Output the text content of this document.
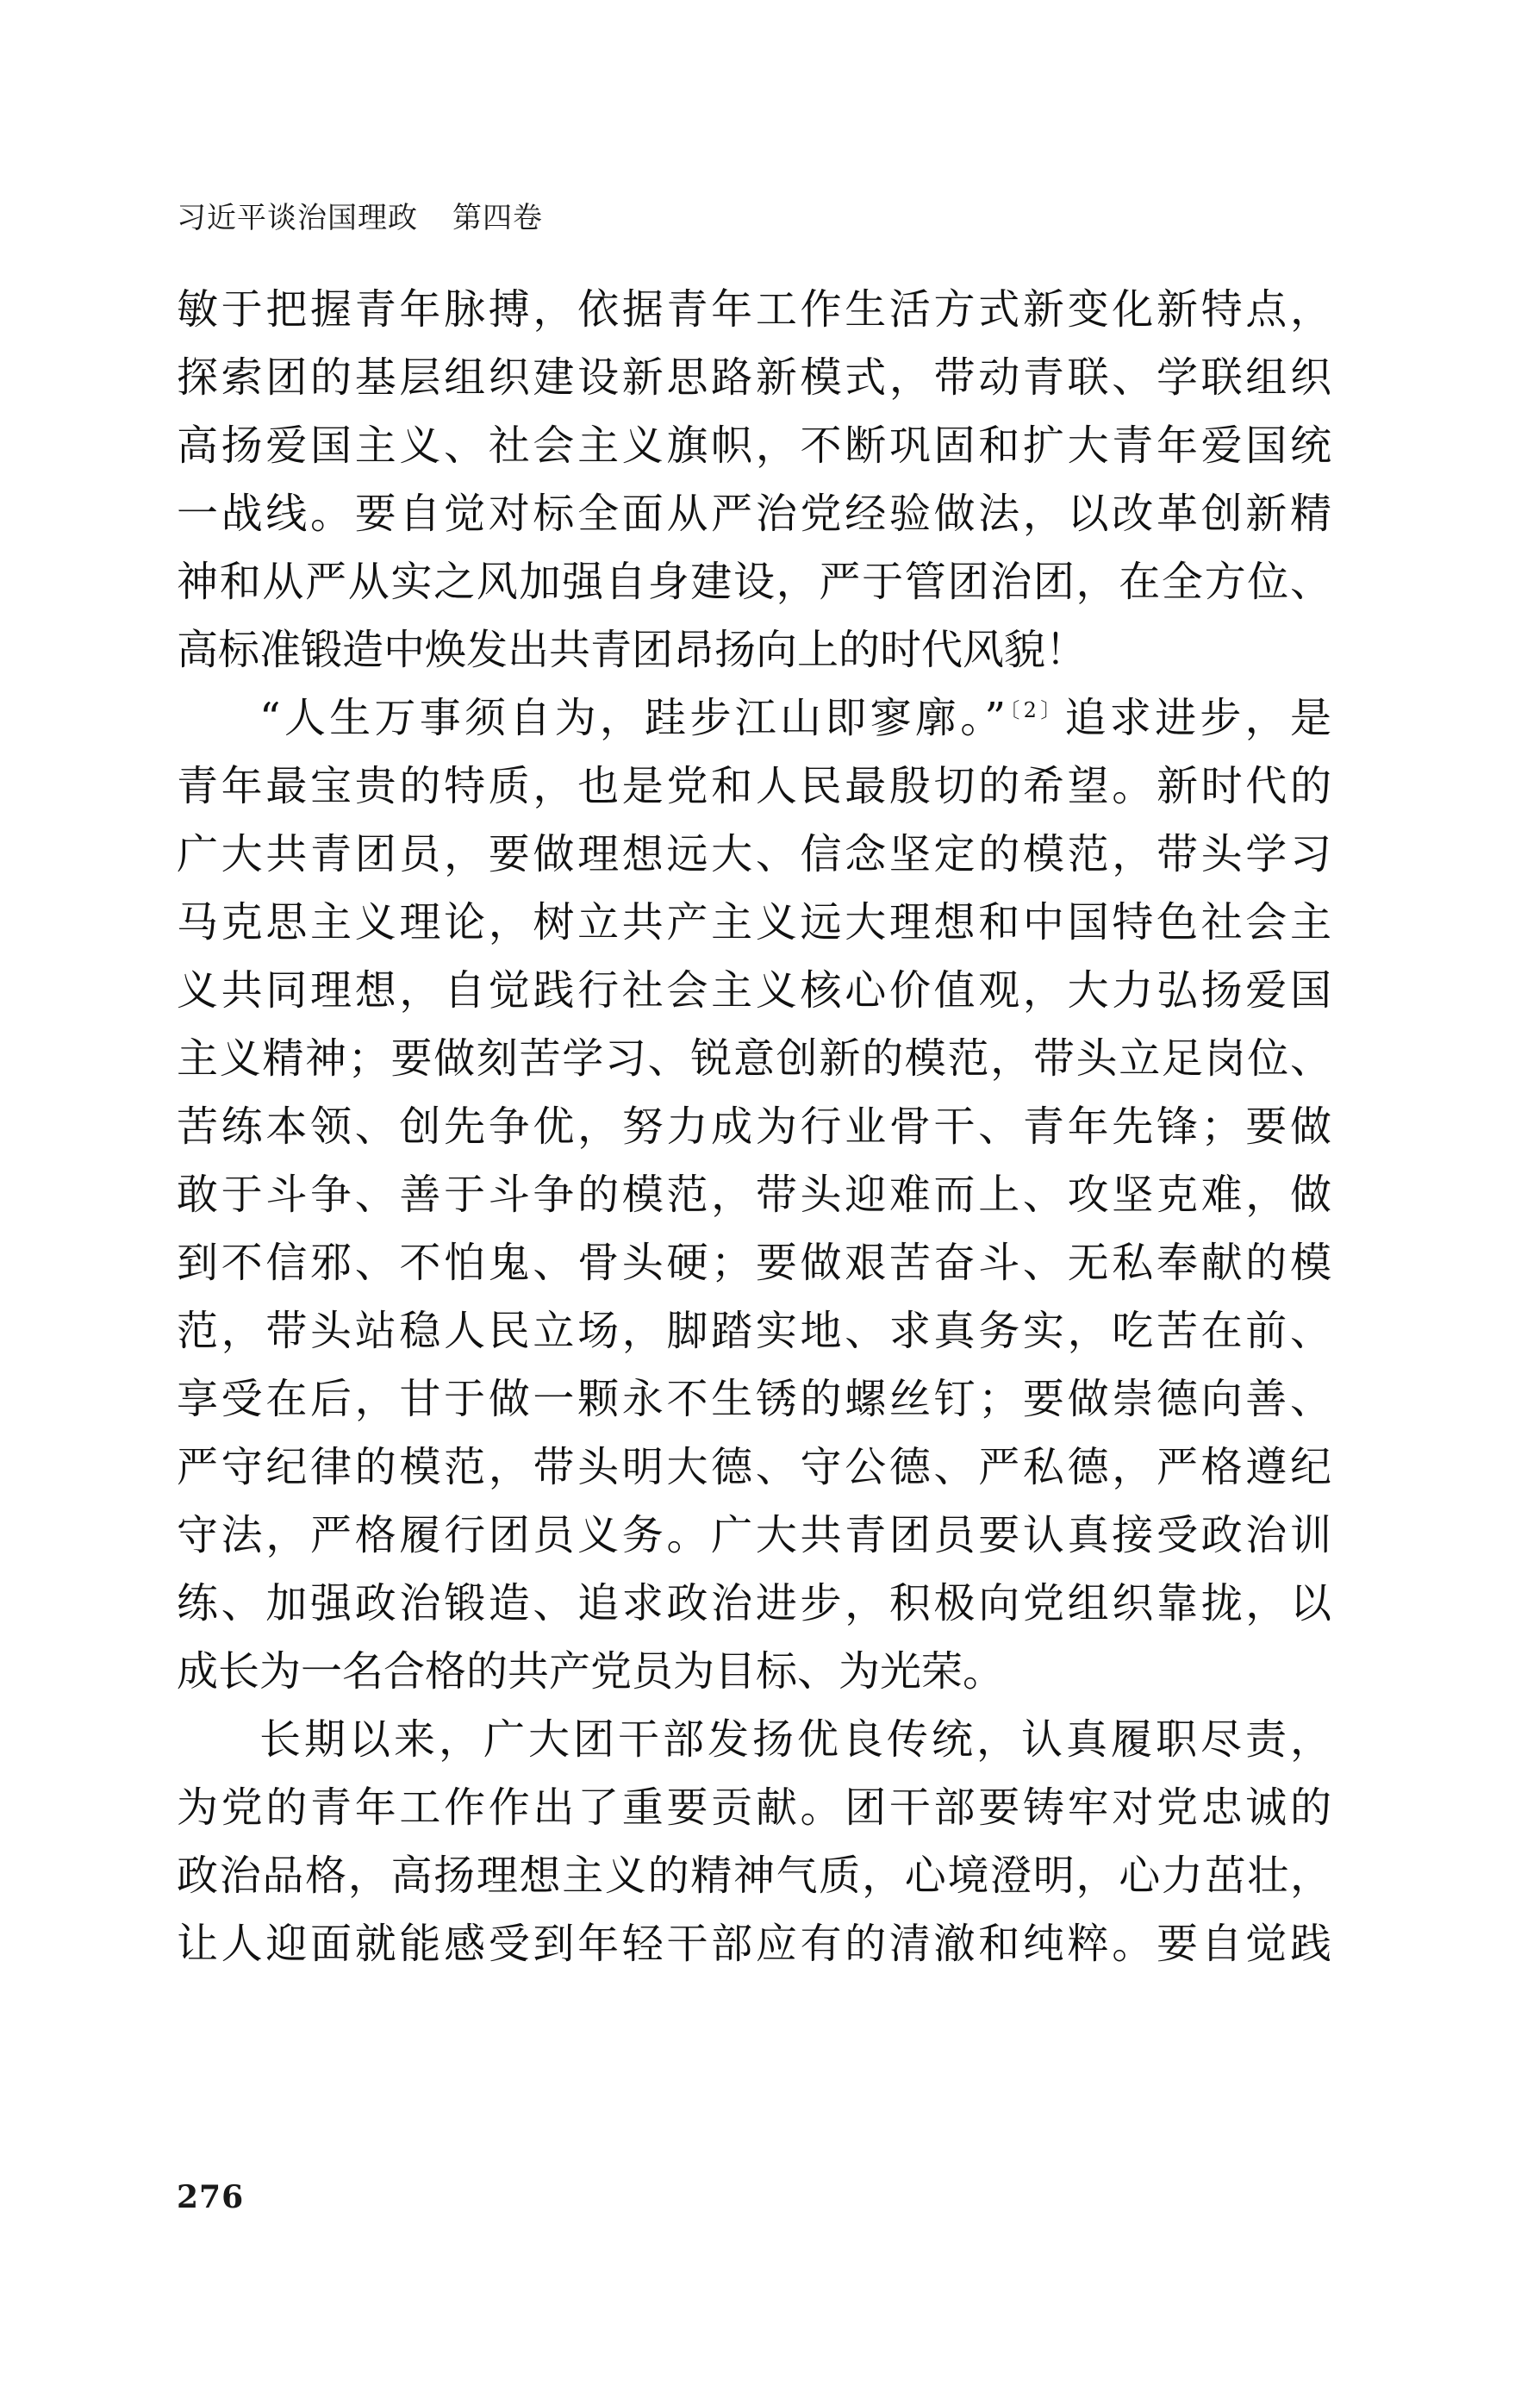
习近平谈治国理政 第四卷
敏于把握青年脉搏，依据青年工作生活方式新变化新特点，
探索团的基层组织建设新思路新模式，带动青联、学联组织
高扬爱国主义、社会主义旗帜，不断巩固和扩大青年爱国统
一战线。要自觉对标全面从严治党经验做法，以改革创新精
神和从严从实之风加强自身建设，严于管团治团，在全方位、
高标准锻造中焕发出共青团昂扬向上的时代风貌！
“人生万事须自为，跬步江山即寥廓。”$^{〔2〕}$追求进步，是
青年最宝贵的特质，也是党和人民最殷切的希望。新时代的
广大共青团员，要做理想远大、信念坚定的模范，带头学习
马克思主义理论，树立共产主义远大理想和中国特色社会主
义共同理想，自觉践行社会主义核心价值观，大力弘扬爱国
主义精神；要做刻苦学习、锐意创新的模范，带头立足岗位、
苦练本领、创先争优，努力成为行业骨干、青年先锋；要做
敢于斗争、善于斗争的模范，带头迎难而上、攻坚克难，做
到不信邪、不怕鬼、骨头硬；要做艰苦奋斗、无私奉献的模
范，带头站稳人民立场，脚踏实地、求真务实，吃苦在前、
享受在后，甘于做一颗永不生锈的螺丝钉；要做崇德向善、
严守纪律的模范，带头明大德、守公德、严私德，严格遵纪
守法，严格履行团员义务。广大共青团员要认真接受政治训
练、加强政治锻造、追求政治进步，积极向党组织靠拢，以
成长为一名合格的共产党员为目标、为光荣。
长期以来，广大团干部发扬优良传统，认真履职尽责，
为党的青年工作作出了重要贡献。团干部要铸牢对党忠诚的
政治品格，高扬理想主义的精神气质，心境澄明，心力茁壮，
让人迎面就能感受到年轻干部应有的清澈和纯粹。要自觉践
276
